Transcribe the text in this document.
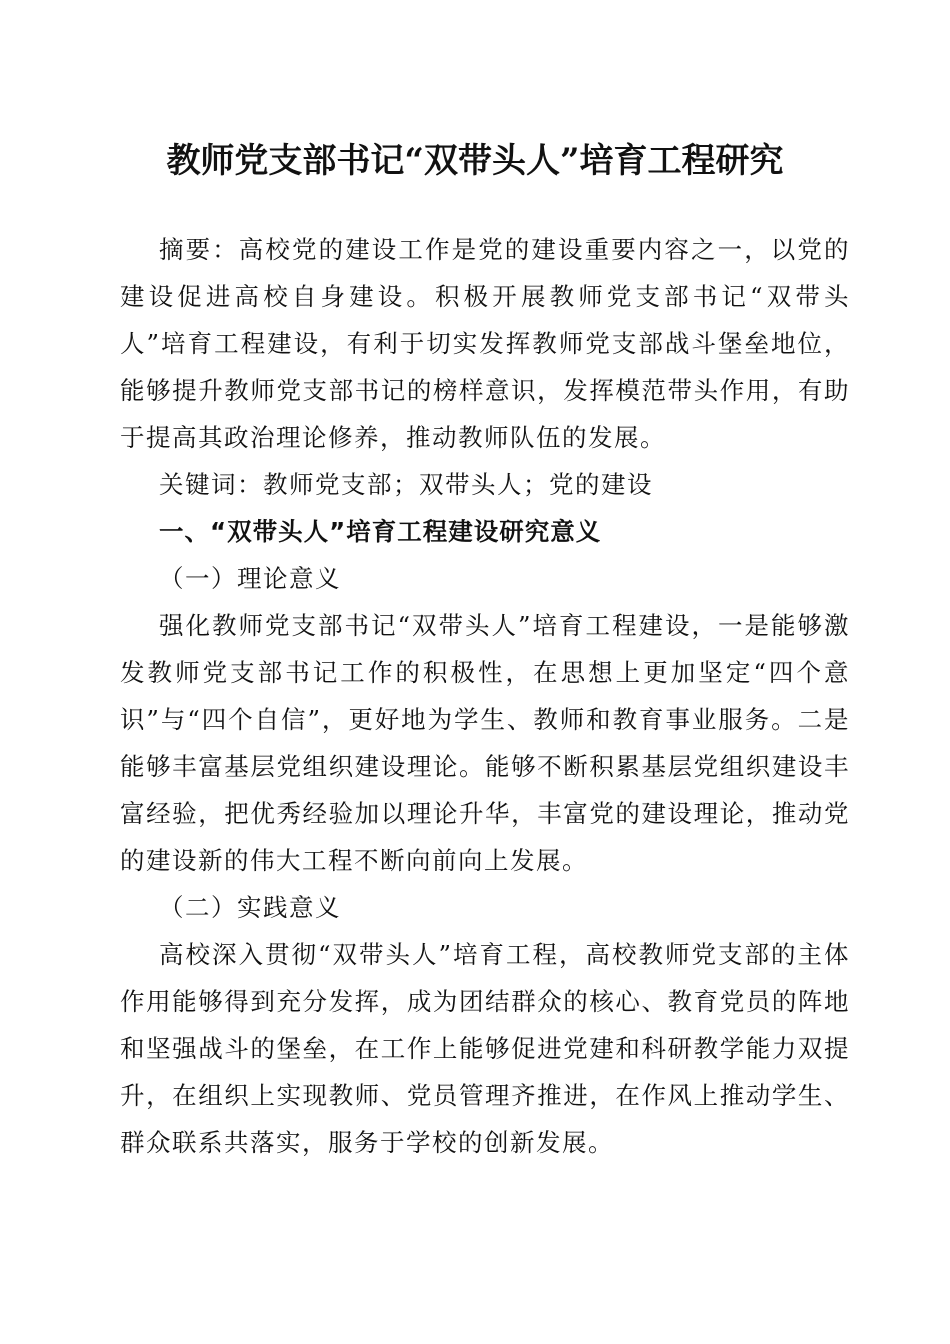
教师党支部书记“双带头人”培育工程研究

摘要：高校党的建设工作是党的建设重要内容之一，以党的建设促进高校自身建设。积极开展教师党支部书记“双带头人”培育工程建设，有利于切实发挥教师党支部战斗堡垒地位，能够提升教师党支部书记的榜样意识，发挥模范带头作用，有助于提高其政治理论修养，推动教师队伍的发展。

关键词：教师党支部；双带头人；党的建设

一、“双带头人”培育工程建设研究意义

（一）理论意义

强化教师党支部书记“双带头人”培育工程建设，一是能够激发教师党支部书记工作的积极性，在思想上更加坚定“四个意识”与“四个自信”，更好地为学生、教师和教育事业服务。二是能够丰富基层党组织建设理论。能够不断积累基层党组织建设丰富经验，把优秀经验加以理论升华，丰富党的建设理论，推动党的建设新的伟大工程不断向前向上发展。

（二）实践意义

高校深入贯彻“双带头人”培育工程，高校教师党支部的主体作用能够得到充分发挥，成为团结群众的核心、教育党员的阵地和坚强战斗的堡垒，在工作上能够促进党建和科研教学能力双提升，在组织上实现教师、党员管理齐推进，在作风上推动学生、群众联系共落实，服务于学校的创新发展。
